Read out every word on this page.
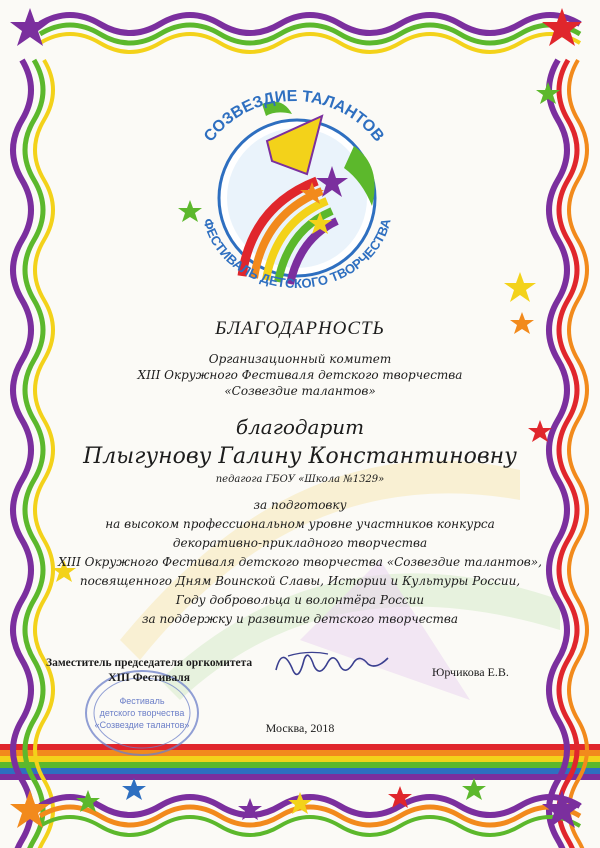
СОЗВЕЗДИЕ ТАЛАНТОВ
ФЕСТИВАЛЬ ДЕТСКОГО ТВОРЧЕСТВА
БЛАГОДАРНОСТЬ
Организационный комитет
XIII Окружного Фестиваля детского творчества
«Созвездие талантов»
благодарит
Плыгунову Галину Константиновну
педагога ГБОУ «Школа №1329»
за подготовку
на высоком профессиональном уровне участников конкурса
декоративно-прикладного творчества
XIII Окружного Фестиваля детского творчества «Созвездие талантов»,
посвященного Дням Воинской Славы, Истории и Культуры России,
Году добровольца и волонтёра России
за поддержку и развитие детского творчества
Фестиваль
детского творчества
«Созвездие талантов»
Заместитель председателя оргкомитета
XIII Фестиваля	Юрчикова Е.В.
Москва, 2018
